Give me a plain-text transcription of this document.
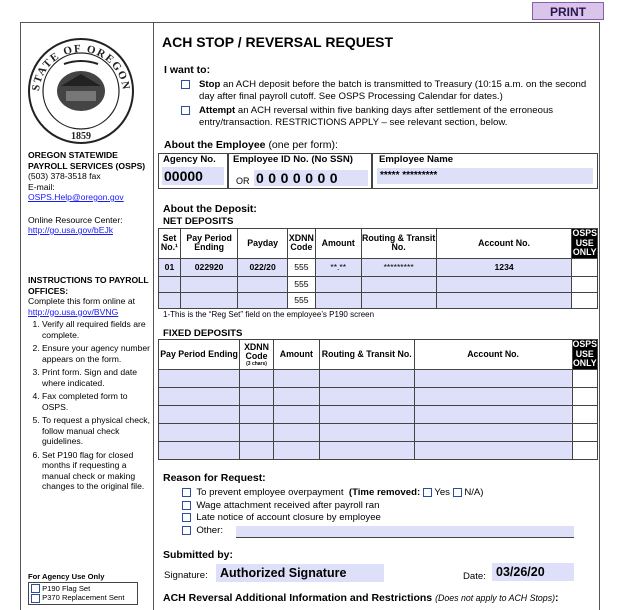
PRINT
STATE OF OREGON
1859
OREGON STATEWIDE PAYROLL SERVICES (OSPS)
(503) 378-3518 fax
E-mail:
OSPS.Help@oregon.gov
Online Resource Center:
http://go.usa.gov/bEJk
INSTRUCTIONS TO PAYROLL OFFICES:
Complete this form online at http://go.usa.gov/BVNG
1. Verify all required fields are complete.
2. Ensure your agency number appears on the form.
3. Print form. Sign and date where indicated.
4. Fax completed form to OSPS.
5. To request a physical check, follow manual check guidelines.
6. Set P190 flag for closed months if requesting a manual check or making changes to the original file.
For Agency Use Only
P190 Flag Set
P370 Replacement Sent
ACH STOP / REVERSAL REQUEST
I want to:
Stop an ACH deposit before the batch is transmitted to Treasury (10:15 a.m. on the second day after final payroll cutoff. See OSPS Processing Calendar for dates.)
Attempt an ACH reversal within five banking days after settlement of the erroneous entry/transaction. RESTRICTIONS APPLY – see relevant section, below.
About the Employee (one per form):
Agency No.
00000
Employee ID No. (No SSN)
OR 0000000
Employee Name
***** *********
About the Deposit:
NET DEPOSITS
Set No.¹	Pay Period Ending	Payday	XDNN Code	Amount	Routing & Transit No.	Account No.	OSPS USE ONLY
01	022920	022/20	555	**.**	*********	1234	
			555				
			555				
1-This is the “Reg Set” field on the employee’s P190 screen
FIXED DEPOSITS
Pay Period Ending	XDNN Code
(3 chars)	Amount	Routing & Transit No.	Account No.	OSPS USE ONLY

Reason for Request:
To prevent employee overpayment (Time removed: Yes N/A)
Wage attachment received after payroll ran
Late notice of account closure by employee
Other:
Submitted by:
Signature: Authorized Signature	Date: 03/26/20
ACH Reversal Additional Information and Restrictions (Does not apply to ACH Stops):
